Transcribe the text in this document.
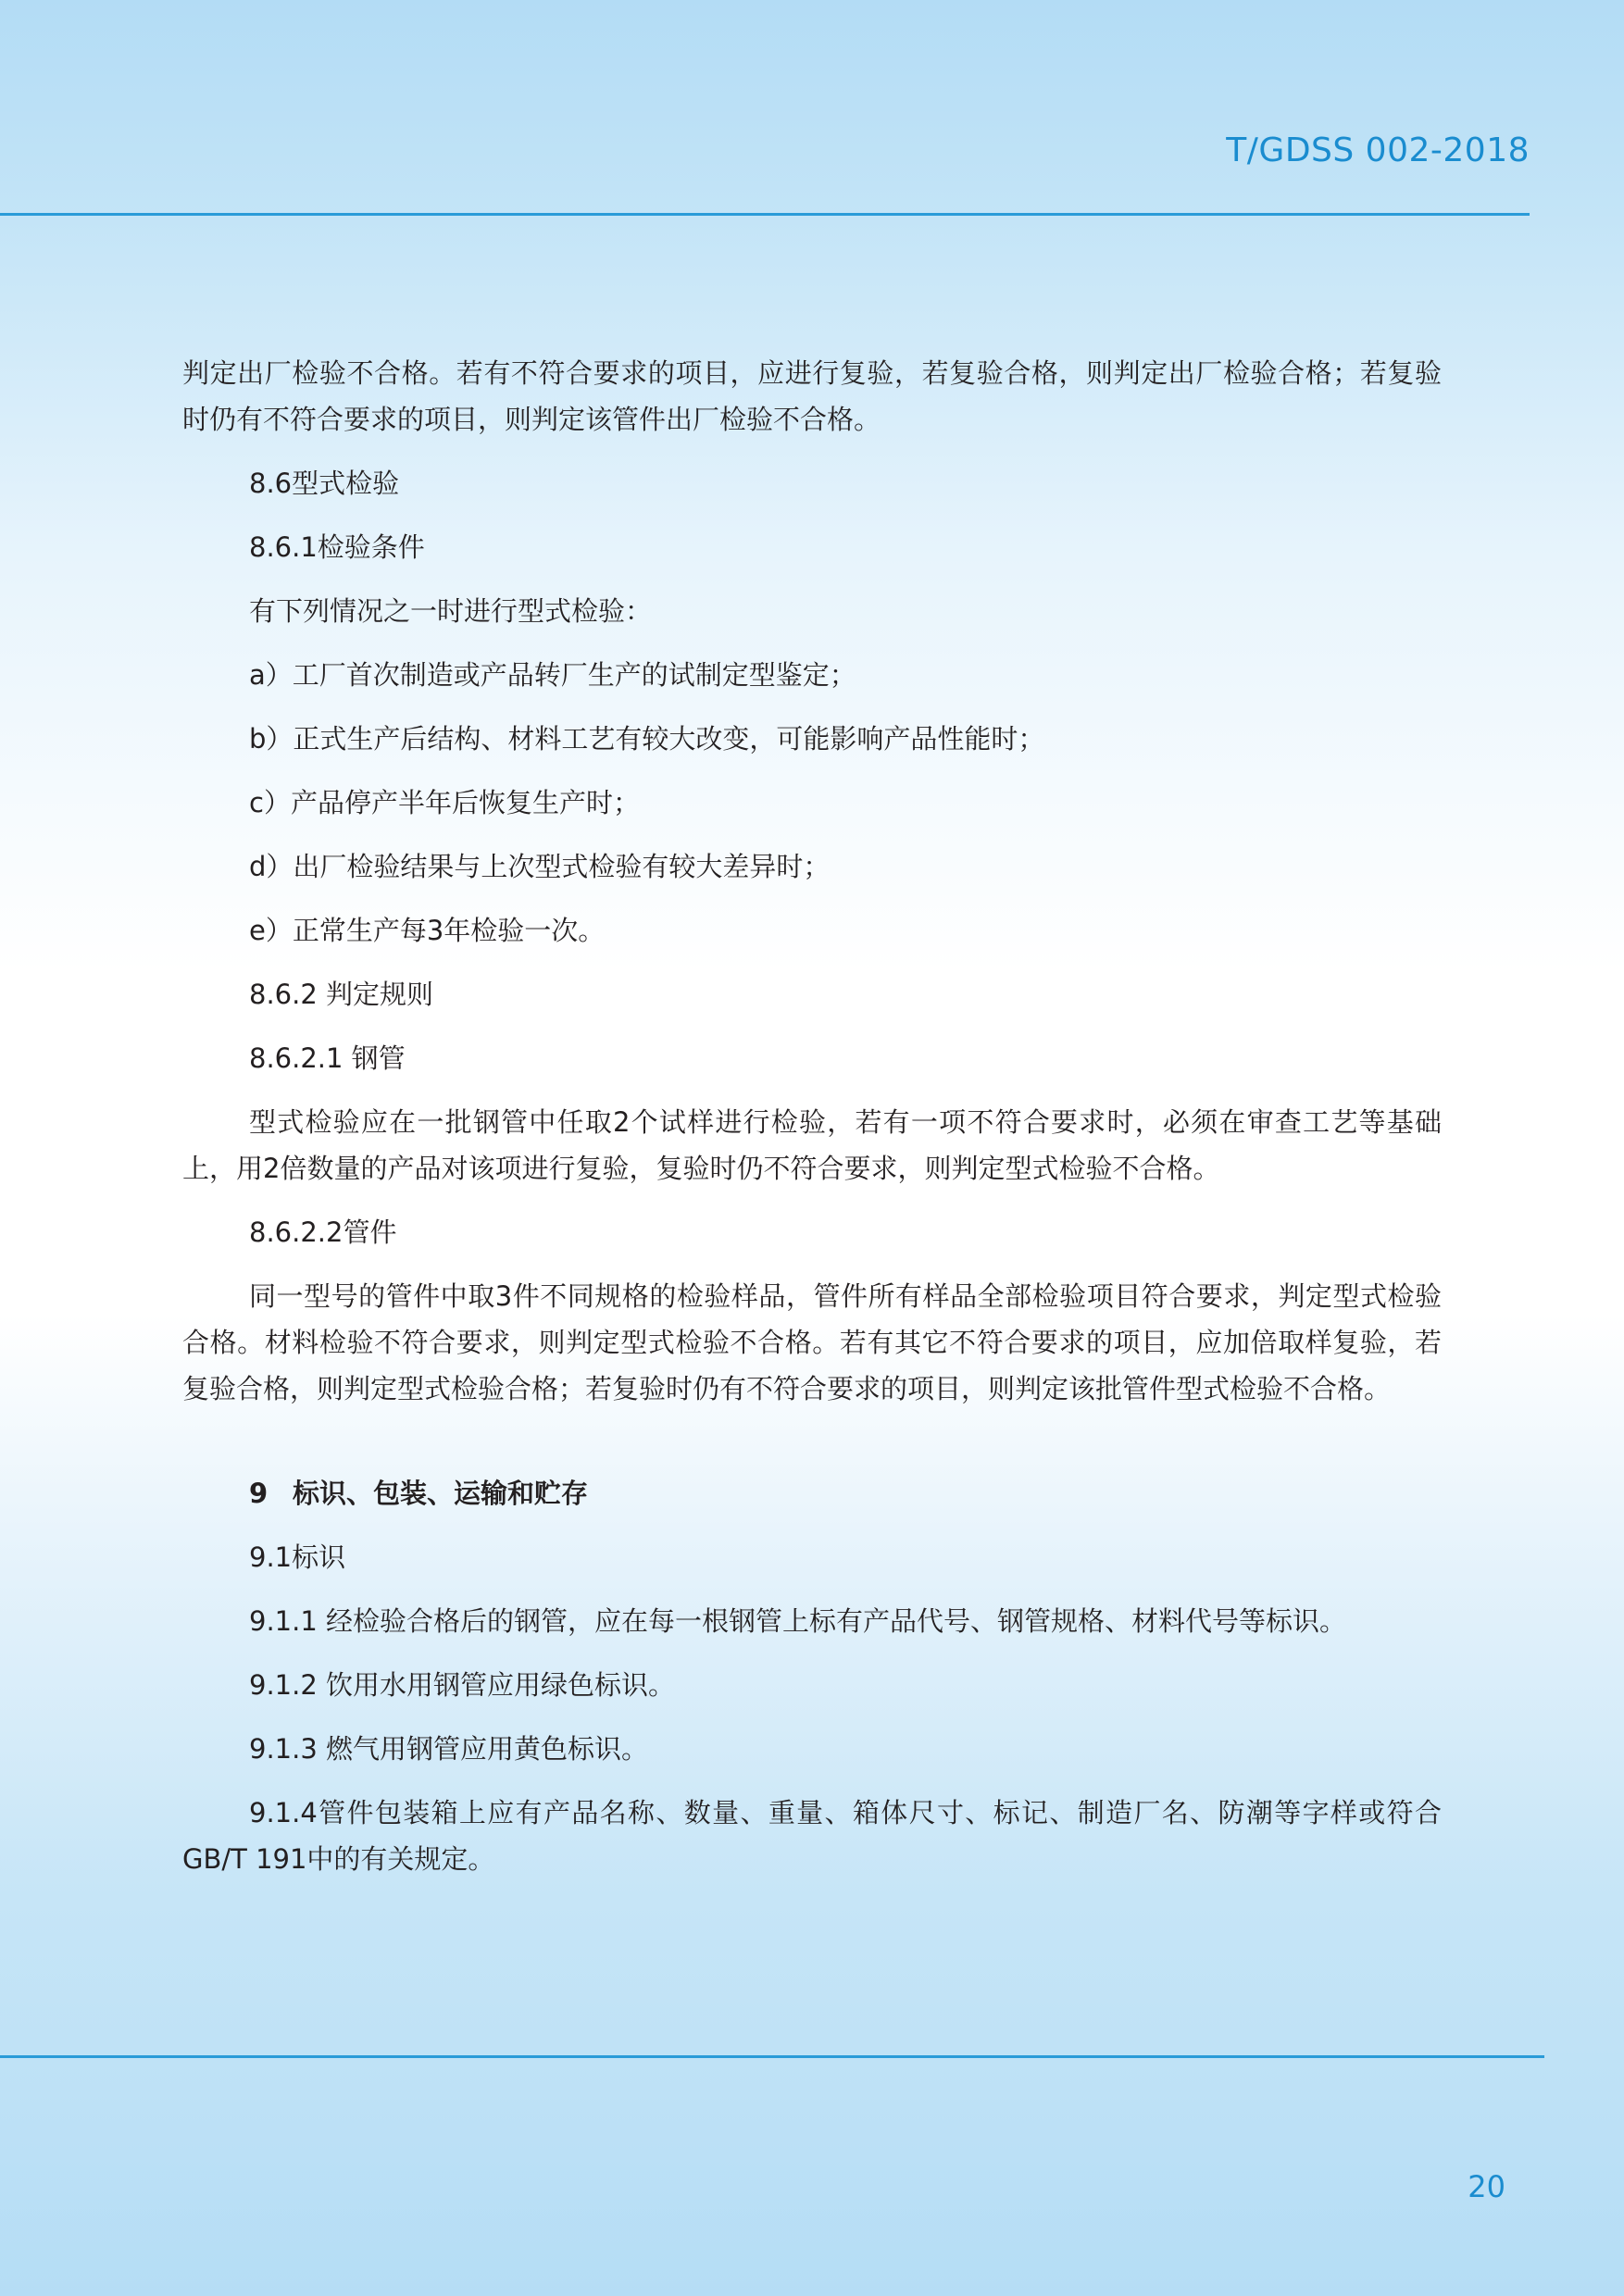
T/GDSS 002-2018

判定出厂检验不合格。若有不符合要求的项目，应进行复验，若复验合格，则判定出厂检验合格；若复验时仍有不符合要求的项目，则判定该管件出厂检验不合格。

8.6型式检验

8.6.1检验条件

有下列情况之一时进行型式检验：

a）工厂首次制造或产品转厂生产的试制定型鉴定；

b）正式生产后结构、材料工艺有较大改变，可能影响产品性能时；

c）产品停产半年后恢复生产时；

d）出厂检验结果与上次型式检验有较大差异时；

e）正常生产每3年检验一次。

8.6.2 判定规则

8.6.2.1 钢管

型式检验应在一批钢管中任取2个试样进行检验，若有一项不符合要求时，必须在审查工艺等基础上，用2倍数量的产品对该项进行复验，复验时仍不符合要求，则判定型式检验不合格。

8.6.2.2管件

同一型号的管件中取3件不同规格的检验样品，管件所有样品全部检验项目符合要求，判定型式检验合格。材料检验不符合要求，则判定型式检验不合格。若有其它不符合要求的项目，应加倍取样复验，若复验合格，则判定型式检验合格；若复验时仍有不符合要求的项目，则判定该批管件型式检验不合格。

9 标识、包装、运输和贮存

9.1标识

9.1.1 经检验合格后的钢管，应在每一根钢管上标有产品代号、钢管规格、材料代号等标识。

9.1.2 饮用水用钢管应用绿色标识。

9.1.3 燃气用钢管应用黄色标识。

9.1.4管件包装箱上应有产品名称、数量、重量、箱体尺寸、标记、制造厂名、防潮等字样或符合GB/T 191中的有关规定。

20
